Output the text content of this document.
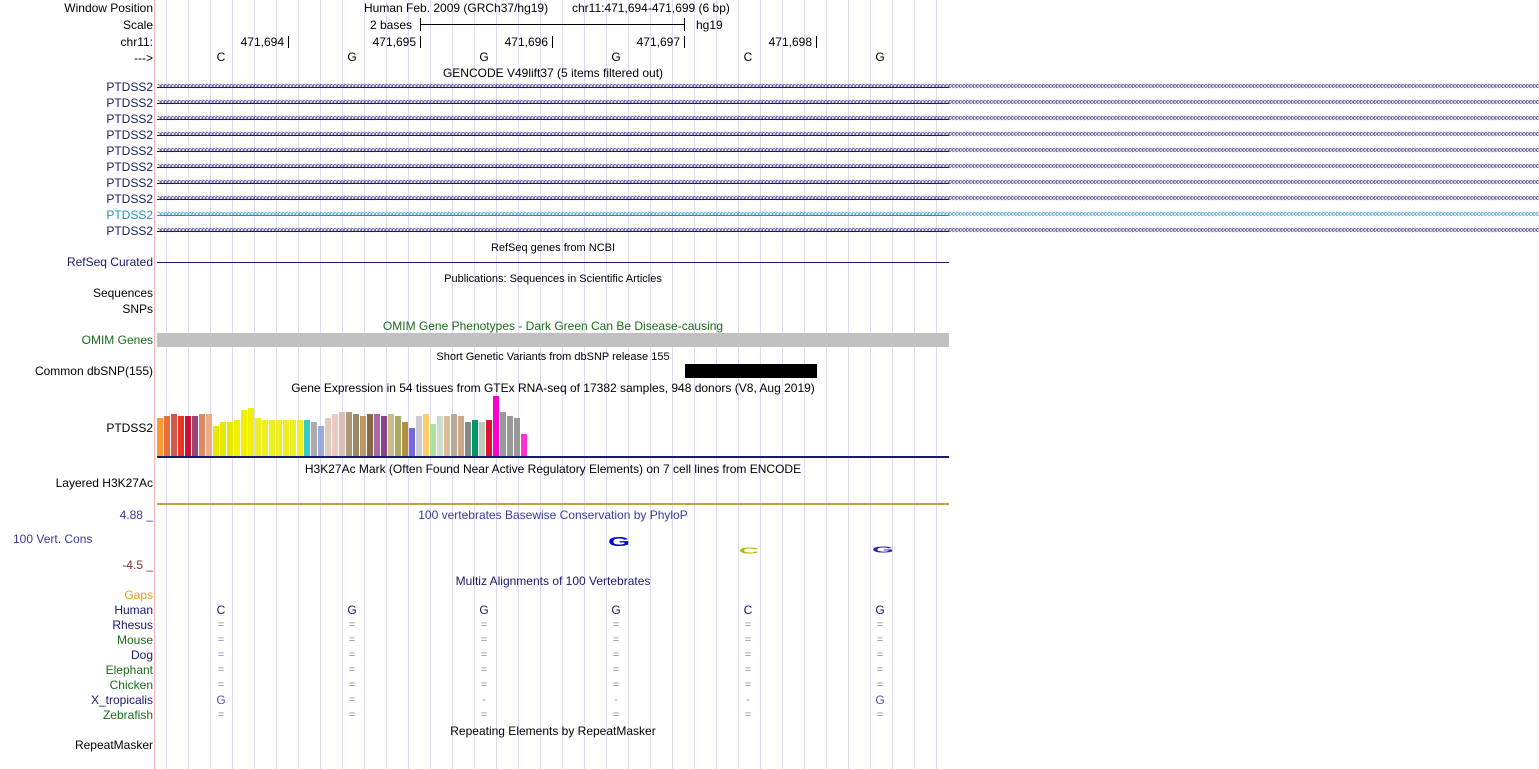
Window Position
Scale
chr11:
--->
Human Feb. 2009 (GRCh37/hg19) chr11:471,694-471,699 (6 bp)
2 bases	hg19
471,694	471,695	471,696	471,697	471,698
C	G	G	G	C	G
GENCODE V49lift37 (5 items filtered out)
PTDSS2 >>>>>>>>>>>>>>>>>>>>>>>>>>>>>>>>>>>>>>>>>>>>>>>>>>>>>>>>>>>>>>>>>>>>>>>>>>>>>>>>>>>>>>>>>>>>>>>>>>>>>>>>>>>>>>>>>>>>>>>>>>>>>>>>>>>>>>>>>>>>>>>>>>>>>>>>>>>>>>>>>>>>>>>>>>>>>>>>>>>>>>>>>>>>>>>>>>>>>>>>>>>>>>>>>>>>>>>>>>>>>>>>>>>>>>>>>>>>>>>>>>>>>>>>>>>>>>>>>>>>>>>>>>>>>>>>>>>>>>>>>>>>>>>>>>>>>>>>>>>>>>>>>>>>>>>>>>>>>>>>>>>>>>>>>>>>>>>>>>>>>>>>>>>>>>>>>>>>>>>>>>>>>>>>>>>>>>>>>>>>>>>>>>>>>>>>>>>>>>>>
PTDSS2 >>>>>>>>>>>>>>>>>>>>>>>>>>>>>>>>>>>>>>>>>>>>>>>>>>>>>>>>>>>>>>>>>>>>>>>>>>>>>>>>>>>>>>>>>>>>>>>>>>>>>>>>>>>>>>>>>>>>>>>>>>>>>>>>>>>>>>>>>>>>>>>>>>>>>>>>>>>>>>>>>>>>>>>>>>>>>>>>>>>>>>>>>>>>>>>>>>>>>>>>>>>>>>>>>>>>>>>>>>>>>>>>>>>>>>>>>>>>>>>>>>>>>>>>>>>>>>>>>>>>>>>>>>>>>>>>>>>>>>>>>>>>>>>>>>>>>>>>>>>>>>>>>>>>>>>>>>>>>>>>>>>>>>>>>>>>>>>>>>>>>>>>>>>>>>>>>>>>>>>>>>>>>>>>>>>>>>>>>>>>>>>>>>>>>>>>>>>>>>>>
PTDSS2 >>>>>>>>>>>>>>>>>>>>>>>>>>>>>>>>>>>>>>>>>>>>>>>>>>>>>>>>>>>>>>>>>>>>>>>>>>>>>>>>>>>>>>>>>>>>>>>>>>>>>>>>>>>>>>>>>>>>>>>>>>>>>>>>>>>>>>>>>>>>>>>>>>>>>>>>>>>>>>>>>>>>>>>>>>>>>>>>>>>>>>>>>>>>>>>>>>>>>>>>>>>>>>>>>>>>>>>>>>>>>>>>>>>>>>>>>>>>>>>>>>>>>>>>>>>>>>>>>>>>>>>>>>>>>>>>>>>>>>>>>>>>>>>>>>>>>>>>>>>>>>>>>>>>>>>>>>>>>>>>>>>>>>>>>>>>>>>>>>>>>>>>>>>>>>>>>>>>>>>>>>>>>>>>>>>>>>>>>>>>>>>>>>>>>>>>>>>>>>>>
PTDSS2 >>>>>>>>>>>>>>>>>>>>>>>>>>>>>>>>>>>>>>>>>>>>>>>>>>>>>>>>>>>>>>>>>>>>>>>>>>>>>>>>>>>>>>>>>>>>>>>>>>>>>>>>>>>>>>>>>>>>>>>>>>>>>>>>>>>>>>>>>>>>>>>>>>>>>>>>>>>>>>>>>>>>>>>>>>>>>>>>>>>>>>>>>>>>>>>>>>>>>>>>>>>>>>>>>>>>>>>>>>>>>>>>>>>>>>>>>>>>>>>>>>>>>>>>>>>>>>>>>>>>>>>>>>>>>>>>>>>>>>>>>>>>>>>>>>>>>>>>>>>>>>>>>>>>>>>>>>>>>>>>>>>>>>>>>>>>>>>>>>>>>>>>>>>>>>>>>>>>>>>>>>>>>>>>>>>>>>>>>>>>>>>>>>>>>>>>>>>>>>>>
PTDSS2 >>>>>>>>>>>>>>>>>>>>>>>>>>>>>>>>>>>>>>>>>>>>>>>>>>>>>>>>>>>>>>>>>>>>>>>>>>>>>>>>>>>>>>>>>>>>>>>>>>>>>>>>>>>>>>>>>>>>>>>>>>>>>>>>>>>>>>>>>>>>>>>>>>>>>>>>>>>>>>>>>>>>>>>>>>>>>>>>>>>>>>>>>>>>>>>>>>>>>>>>>>>>>>>>>>>>>>>>>>>>>>>>>>>>>>>>>>>>>>>>>>>>>>>>>>>>>>>>>>>>>>>>>>>>>>>>>>>>>>>>>>>>>>>>>>>>>>>>>>>>>>>>>>>>>>>>>>>>>>>>>>>>>>>>>>>>>>>>>>>>>>>>>>>>>>>>>>>>>>>>>>>>>>>>>>>>>>>>>>>>>>>>>>>>>>>>>>>>>>>>
PTDSS2 >>>>>>>>>>>>>>>>>>>>>>>>>>>>>>>>>>>>>>>>>>>>>>>>>>>>>>>>>>>>>>>>>>>>>>>>>>>>>>>>>>>>>>>>>>>>>>>>>>>>>>>>>>>>>>>>>>>>>>>>>>>>>>>>>>>>>>>>>>>>>>>>>>>>>>>>>>>>>>>>>>>>>>>>>>>>>>>>>>>>>>>>>>>>>>>>>>>>>>>>>>>>>>>>>>>>>>>>>>>>>>>>>>>>>>>>>>>>>>>>>>>>>>>>>>>>>>>>>>>>>>>>>>>>>>>>>>>>>>>>>>>>>>>>>>>>>>>>>>>>>>>>>>>>>>>>>>>>>>>>>>>>>>>>>>>>>>>>>>>>>>>>>>>>>>>>>>>>>>>>>>>>>>>>>>>>>>>>>>>>>>>>>>>>>>>>>>>>>>>>
PTDSS2 >>>>>>>>>>>>>>>>>>>>>>>>>>>>>>>>>>>>>>>>>>>>>>>>>>>>>>>>>>>>>>>>>>>>>>>>>>>>>>>>>>>>>>>>>>>>>>>>>>>>>>>>>>>>>>>>>>>>>>>>>>>>>>>>>>>>>>>>>>>>>>>>>>>>>>>>>>>>>>>>>>>>>>>>>>>>>>>>>>>>>>>>>>>>>>>>>>>>>>>>>>>>>>>>>>>>>>>>>>>>>>>>>>>>>>>>>>>>>>>>>>>>>>>>>>>>>>>>>>>>>>>>>>>>>>>>>>>>>>>>>>>>>>>>>>>>>>>>>>>>>>>>>>>>>>>>>>>>>>>>>>>>>>>>>>>>>>>>>>>>>>>>>>>>>>>>>>>>>>>>>>>>>>>>>>>>>>>>>>>>>>>>>>>>>>>>>>>>>>>>
PTDSS2 >>>>>>>>>>>>>>>>>>>>>>>>>>>>>>>>>>>>>>>>>>>>>>>>>>>>>>>>>>>>>>>>>>>>>>>>>>>>>>>>>>>>>>>>>>>>>>>>>>>>>>>>>>>>>>>>>>>>>>>>>>>>>>>>>>>>>>>>>>>>>>>>>>>>>>>>>>>>>>>>>>>>>>>>>>>>>>>>>>>>>>>>>>>>>>>>>>>>>>>>>>>>>>>>>>>>>>>>>>>>>>>>>>>>>>>>>>>>>>>>>>>>>>>>>>>>>>>>>>>>>>>>>>>>>>>>>>>>>>>>>>>>>>>>>>>>>>>>>>>>>>>>>>>>>>>>>>>>>>>>>>>>>>>>>>>>>>>>>>>>>>>>>>>>>>>>>>>>>>>>>>>>>>>>>>>>>>>>>>>>>>>>>>>>>>>>>>>>>>>>
PTDSS2 >>>>>>>>>>>>>>>>>>>>>>>>>>>>>>>>>>>>>>>>>>>>>>>>>>>>>>>>>>>>>>>>>>>>>>>>>>>>>>>>>>>>>>>>>>>>>>>>>>>>>>>>>>>>>>>>>>>>>>>>>>>>>>>>>>>>>>>>>>>>>>>>>>>>>>>>>>>>>>>>>>>>>>>>>>>>>>>>>>>>>>>>>>>>>>>>>>>>>>>>>>>>>>>>>>>>>>>>>>>>>>>>>>>>>>>>>>>>>>>>>>>>>>>>>>>>>>>>>>>>>>>>>>>>>>>>>>>>>>>>>>>>>>>>>>>>>>>>>>>>>>>>>>>>>>>>>>>>>>>>>>>>>>>>>>>>>>>>>>>>>>>>>>>>>>>>>>>>>>>>>>>>>>>>>>>>>>>>>>>>>>>>>>>>>>>>>>>>>>>>
PTDSS2 >>>>>>>>>>>>>>>>>>>>>>>>>>>>>>>>>>>>>>>>>>>>>>>>>>>>>>>>>>>>>>>>>>>>>>>>>>>>>>>>>>>>>>>>>>>>>>>>>>>>>>>>>>>>>>>>>>>>>>>>>>>>>>>>>>>>>>>>>>>>>>>>>>>>>>>>>>>>>>>>>>>>>>>>>>>>>>>>>>>>>>>>>>>>>>>>>>>>>>>>>>>>>>>>>>>>>>>>>>>>>>>>>>>>>>>>>>>>>>>>>>>>>>>>>>>>>>>>>>>>>>>>>>>>>>>>>>>>>>>>>>>>>>>>>>>>>>>>>>>>>>>>>>>>>>>>>>>>>>>>>>>>>>>>>>>>>>>>>>>>>>>>>>>>>>>>>>>>>>>>>>>>>>>>>>>>>>>>>>>>>>>>>>>>>>>>>>>>>>>>
RefSeq genes from NCBI
RefSeq Curated
Publications: Sequences in Scientific Articles
Sequences
SNPs
OMIM Gene Phenotypes - Dark Green Can Be Disease-causing
OMIM Genes
Short Genetic Variants from dbSNP release 155
Common dbSNP(155)
Gene Expression in 54 tissues from GTEx RNA-seq of 17382 samples, 948 donors (V8, Aug 2019)
PTDSS2
H3K27Ac Mark (Often Found Near Active Regulatory Elements) on 7 cell lines from ENCODE
Layered H3K27Ac
100 vertebrates Basewise Conservation by PhyloP
4.88 _
100 Vert. Cons
-4.5 _
G
C	G
Multiz Alignments of 100 Vertebrates
Gaps
Human	C	G	G	G	C	G
Rhesus	=	=	=	=	=	=
Mouse	=	=	=	=	=	=
Dog	=	=	=	=	=	=
Elephant	=	=	=	=	=	=
Chicken	=	=	=	=	=	=
X_tropicalis	G	=	-	-	-	G
Zebrafish	=	=	=	=	=	=
Repeating Elements by RepeatMasker
RepeatMasker
